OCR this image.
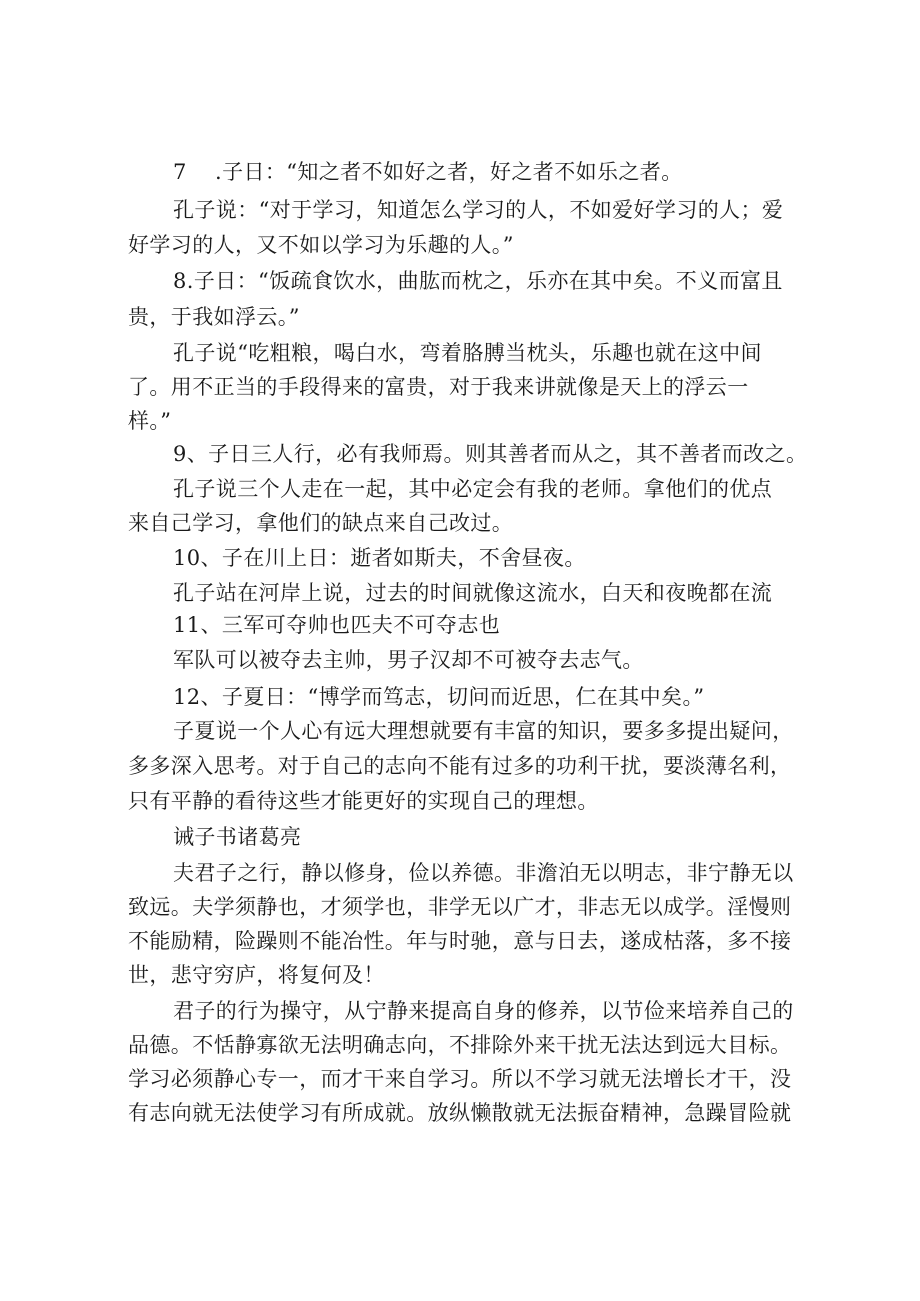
7 .子日：“知之者不如好之者，好之者不如乐之者。
孔子说：“对于学习，知道怎么学习的人，不如爱好学习的人；爱
好学习的人，又不如以学习为乐趣的人。”
8.子日：“饭疏食饮水，曲肱而枕之，乐亦在其中矣。不义而富且
贵，于我如浮云。”
孔子说“吃粗粮，喝白水，弯着胳膊当枕头，乐趣也就在这中间
了。用不正当的手段得来的富贵，对于我来讲就像是天上的浮云一
样。”
9、子日三人行，必有我师焉。则其善者而从之，其不善者而改之。
孔子说三个人走在一起，其中必定会有我的老师。拿他们的优点
来自己学习，拿他们的缺点来自己改过。
10、子在川上日：逝者如斯夫，不舍昼夜。
孔子站在河岸上说，过去的时间就像这流水，白天和夜晚都在流
11、三军可夺帅也匹夫不可夺志也
军队可以被夺去主帅，男子汉却不可被夺去志气。
12、子夏日：“博学而笃志，切问而近思，仁在其中矣。”
子夏说一个人心有远大理想就要有丰富的知识，要多多提出疑问，
多多深入思考。对于自己的志向不能有过多的功利干扰，要淡薄名利，
只有平静的看待这些才能更好的实现自己的理想。
诫子书诸葛亮
夫君子之行，静以修身，俭以养德。非澹泊无以明志，非宁静无以
致远。夫学须静也，才须学也，非学无以广才，非志无以成学。淫慢则
不能励精，险躁则不能冶性。年与时驰，意与日去，遂成枯落，多不接
世，悲守穷庐，将复何及！
君子的行为操守，从宁静来提高自身的修养，以节俭来培养自己的
品德。不恬静寡欲无法明确志向，不排除外来干扰无法达到远大目标。
学习必须静心专一，而才干来自学习。所以不学习就无法增长才干，没
有志向就无法使学习有所成就。放纵懒散就无法振奋精神，急躁冒险就
